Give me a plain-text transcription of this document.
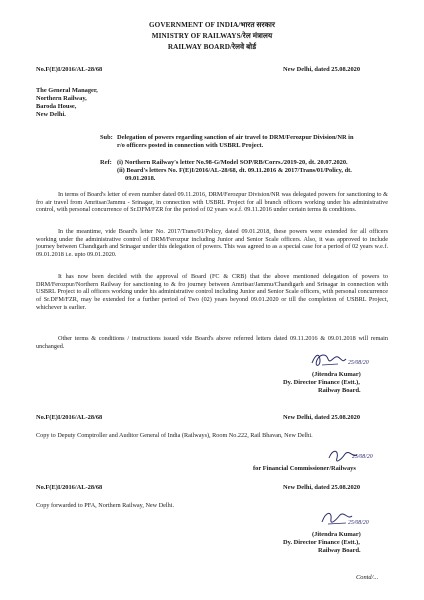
GOVERNMENT OF INDIA/भारत सरकार
MINISTRY OF RAILWAYS/रेल मंत्रालय
RAILWAY BOARD/रेलवे बोर्ड
No.F(E)I/2016/AL-28/68	New Delhi, dated 25.08.2020
The General Manager,
Northern Railway,
Baroda House,
New Delhi.
Sub: Delegation of powers regarding sanction of air travel to DRM/Ferozpur Division/NR in
r/o officers posted in connection with USBRL Project.
Ref: (i) Northern Railway's letter No.98-G/Model SOP/RB/Corrs./2019-20, dt. 20.07.2020.
(ii) Board's letters No. F(E)I/2016/AL-28/68, dt. 09.11.2016 & 2017/Trans/01/Policy, dt.
09.01.2018.
In terms of Board's letter of even number dated 09.11.2016, DRM/Ferozpur Division/NR was delegated powers for sanctioning to & fro air travel from Amritsar/Jammu - Srinagar, in connection with USBRL Project for all branch officers working under his administrative control, with personal concurrence of Sr.DFM/FZR for the period of 02 years w.e.f. 09.11.2016 under certain terms & conditions.
In the meantime, vide Board's letter No. 2017/Trans/01/Policy, dated 09.01.2018, these powers were extended for all officers working under the administrative control of DRM/Ferozpur including Junior and Senior Scale officers. Also, it was approved to include journey between Chandigarh and Srinagar under this delegation of powers. This was agreed to as a special case for a period of 02 years w.e.f. 09.01.2018 i.e. upto 09.01.2020.
It has now been decided with the approval of Board (FC & CRB) that the above mentioned delegation of powers to DRM/Ferozpur/Northern Railway for sanctioning to & fro journey between Amritsar/Jammu/Chandigarh and Srinagar in connection with USBRL Project to all officers working under his administrative control including Junior and Senior Scale officers, with personal concurrence of Sr.DFM/FZR, may be extended for a further period of Two (02) years beyond 09.01.2020 or till the completion of USBRL Project, whichever is earlier.
Other terms & conditions / instructions issued vide Board's above referred letters dated 09.11.2016 & 09.01.2018 will remain unchanged.
25/08/20
(Jitendra Kumar)
Dy. Director Finance (Estt.),
Railway Board.
No.F(E)I/2016/AL-28/68	New Delhi, dated 25.08.2020
Copy to Deputy Comptroller and Auditor General of India (Railways), Room No.222, Rail Bhavan, New Delhi.
25/08/20
for Financial Commissioner/Railways
No.F(E)I/2016/AL-28/68	New Delhi, dated 25.08.2020
Copy forwarded to PFA, Northern Railway, New Delhi.
25/08/20
(Jitendra Kumar)
Dy. Director Finance (Estt.),
Railway Board.
Contd/...
